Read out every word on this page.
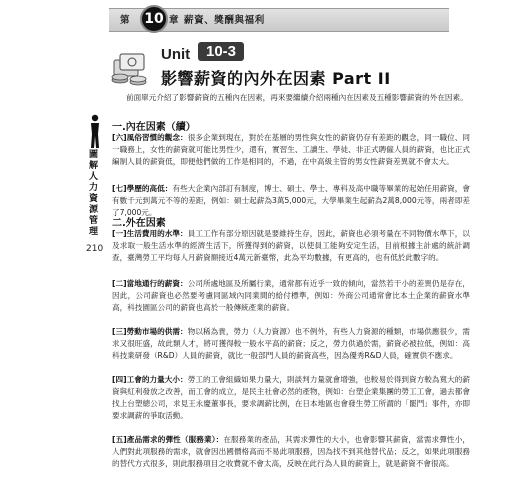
第	10 章 薪資、獎酬與福利
Unit	10-3
影響薪資的內外在因素 Part II
圖解人力資源管理
210

前面單元介紹了影響薪資的五種內在因素，再來要繼續介紹兩種內在因素及五種影響薪資的外在因素。

一.內在因素（續）

[六]風俗習慣的觀念：很多企業到現在，對於在基層的男性與女性的薪資仍存有差距的觀念，同一職位、同一職務上，女性的薪資就可能比男性少，還有，實習生、工讀生、學徒、非正式聘僱人員的薪資，也比正式編制人員的薪資低，即便他們做的工作是相同的，不過，在中高級主管的男女性薪資差異就不會太大。

[七]學歷的高低：有些大企業內部訂有制度，博士、碩士、學士、專科及高中職等畢業的起始任用薪資，會有數千元到萬元不等的差距，例如：碩士起薪為3萬5,000元，大學畢業生起薪為2萬8,000元等，兩者即差了7,000元。

二.外在因素

[一]生活費用的水準：員工工作有部分原因就是要維持生存，因此，薪資也必須考量在不同物價水準下，以及求取一般生活水準的經濟生活下，所獲得到的薪資，以使員工能夠安定生活，目前根據主計處的統計調查，臺灣勞工平均每人月薪資額接近4萬元新臺幣，此為平均數據，有更高的，也有低於此數字的。

[二]當地通行的薪資：公司所處地區及所屬行業，通常都有近乎一致的傾向，當然若干小的差異仍是存在，因此，公司薪資也必然要考慮同區域內同業間的給付標準，例如：外商公司通常會比本土企業的薪資水準高，科技園區公司的薪資也高於一般傳統產業的薪資。

[三]勞動市場的供需：物以稀為貴，勞力（人力資源）也不例外，有些人力資源的種類，市場供應很少，需求又很旺盛，故此類人才，將可獲得較一般水平高的薪資；反之，勞力供過於需，薪資必被拉低，例如：高科技業研發（R&D）人員的薪資，就比一般部門人員的薪資高些，因為優秀R&D人員，確實供不應求。

[四]工會的力量大小：勞工的工會組織如果力量大，則談判力量就會增強，也較易於得到資方較為寬大的薪資與紅利發放之改善，而工會的成立，是民主社會必然的產物，例如：台塑企業集團的勞工工會，過去都會找上台塑總公司，求見王永慶董事長，要求調薪比例，在日本地區也會發生勞工所謂的「罷鬥」事件，亦即要求調薪的爭取活動。

[五]產品需求的彈性（服務業）：在服務業的產品，其需求彈性的大小，也會影響其薪資，當需求彈性小，人們對此項服務的需求，就會因出國價格高而不易此項服務，因為找不到其他替代品；反之，如果此項服務的替代方式很多，則此服務項目之收費就不會太高，反映在此行為人員的薪資上，就是薪資不會很高。
